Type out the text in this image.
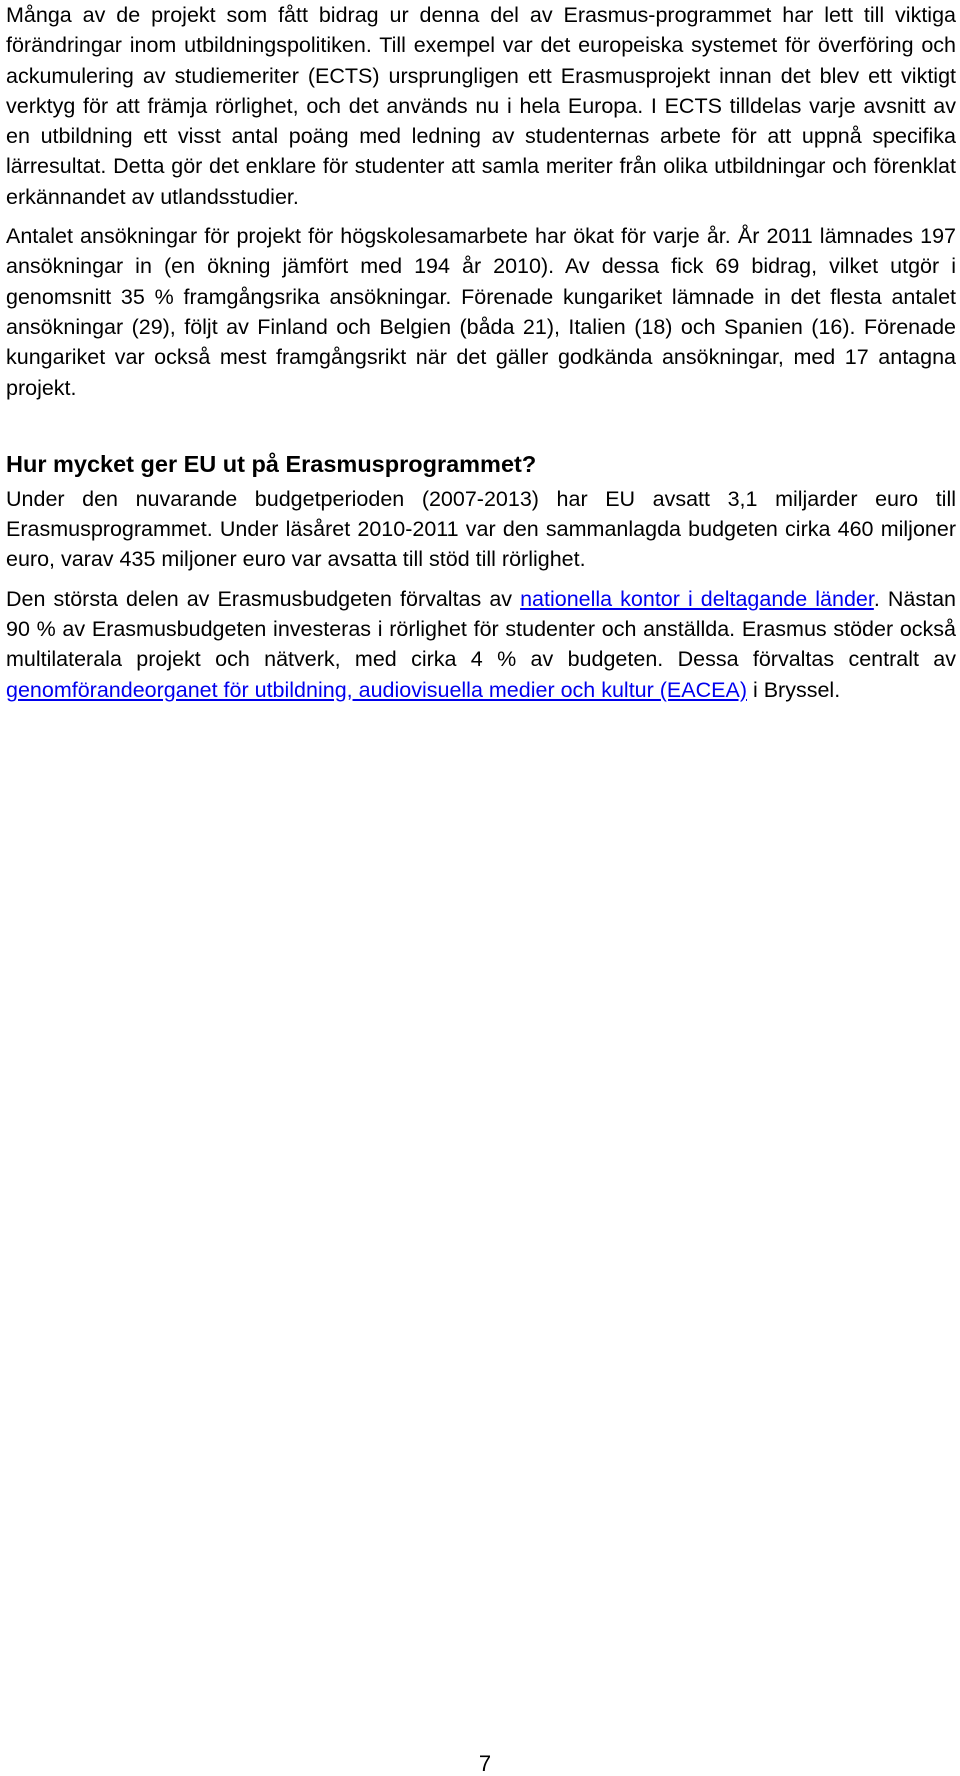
Många av de projekt som fått bidrag ur denna del av Erasmus-programmet har lett till viktiga förändringar inom utbildningspolitiken. Till exempel var det europeiska systemet för överföring och ackumulering av studiemeriter (ECTS) ursprungligen ett Erasmusprojekt innan det blev ett viktigt verktyg för att främja rörlighet, och det används nu i hela Europa. I ECTS tilldelas varje avsnitt av en utbildning ett visst antal poäng med ledning av studenternas arbete för att uppnå specifika lärresultat. Detta gör det enklare för studenter att samla meriter från olika utbildningar och förenklat erkännandet av utlandsstudier.

Antalet ansökningar för projekt för högskolesamarbete har ökat för varje år. År 2011 lämnades 197 ansökningar in (en ökning jämfört med 194 år 2010). Av dessa fick 69 bidrag, vilket utgör i genomsnitt 35 % framgångsrika ansökningar. Förenade kungariket lämnade in det flesta antalet ansökningar (29), följt av Finland och Belgien (båda 21), Italien (18) och Spanien (16). Förenade kungariket var också mest framgångsrikt när det gäller godkända ansökningar, med 17 antagna projekt.

Hur mycket ger EU ut på Erasmusprogrammet?

Under den nuvarande budgetperioden (2007-2013) har EU avsatt 3,1 miljarder euro till Erasmusprogrammet. Under läsåret 2010-2011 var den sammanlagda budgeten cirka 460 miljoner euro, varav 435 miljoner euro var avsatta till stöd till rörlighet.

Den största delen av Erasmusbudgeten förvaltas av nationella kontor i deltagande länder. Nästan 90 % av Erasmusbudgeten investeras i rörlighet för studenter och anställda. Erasmus stöder också multilaterala projekt och nätverk, med cirka 4 % av budgeten. Dessa förvaltas centralt av genomförandeorganet för utbildning, audiovisuella medier och kultur (EACEA) i Bryssel.

7
